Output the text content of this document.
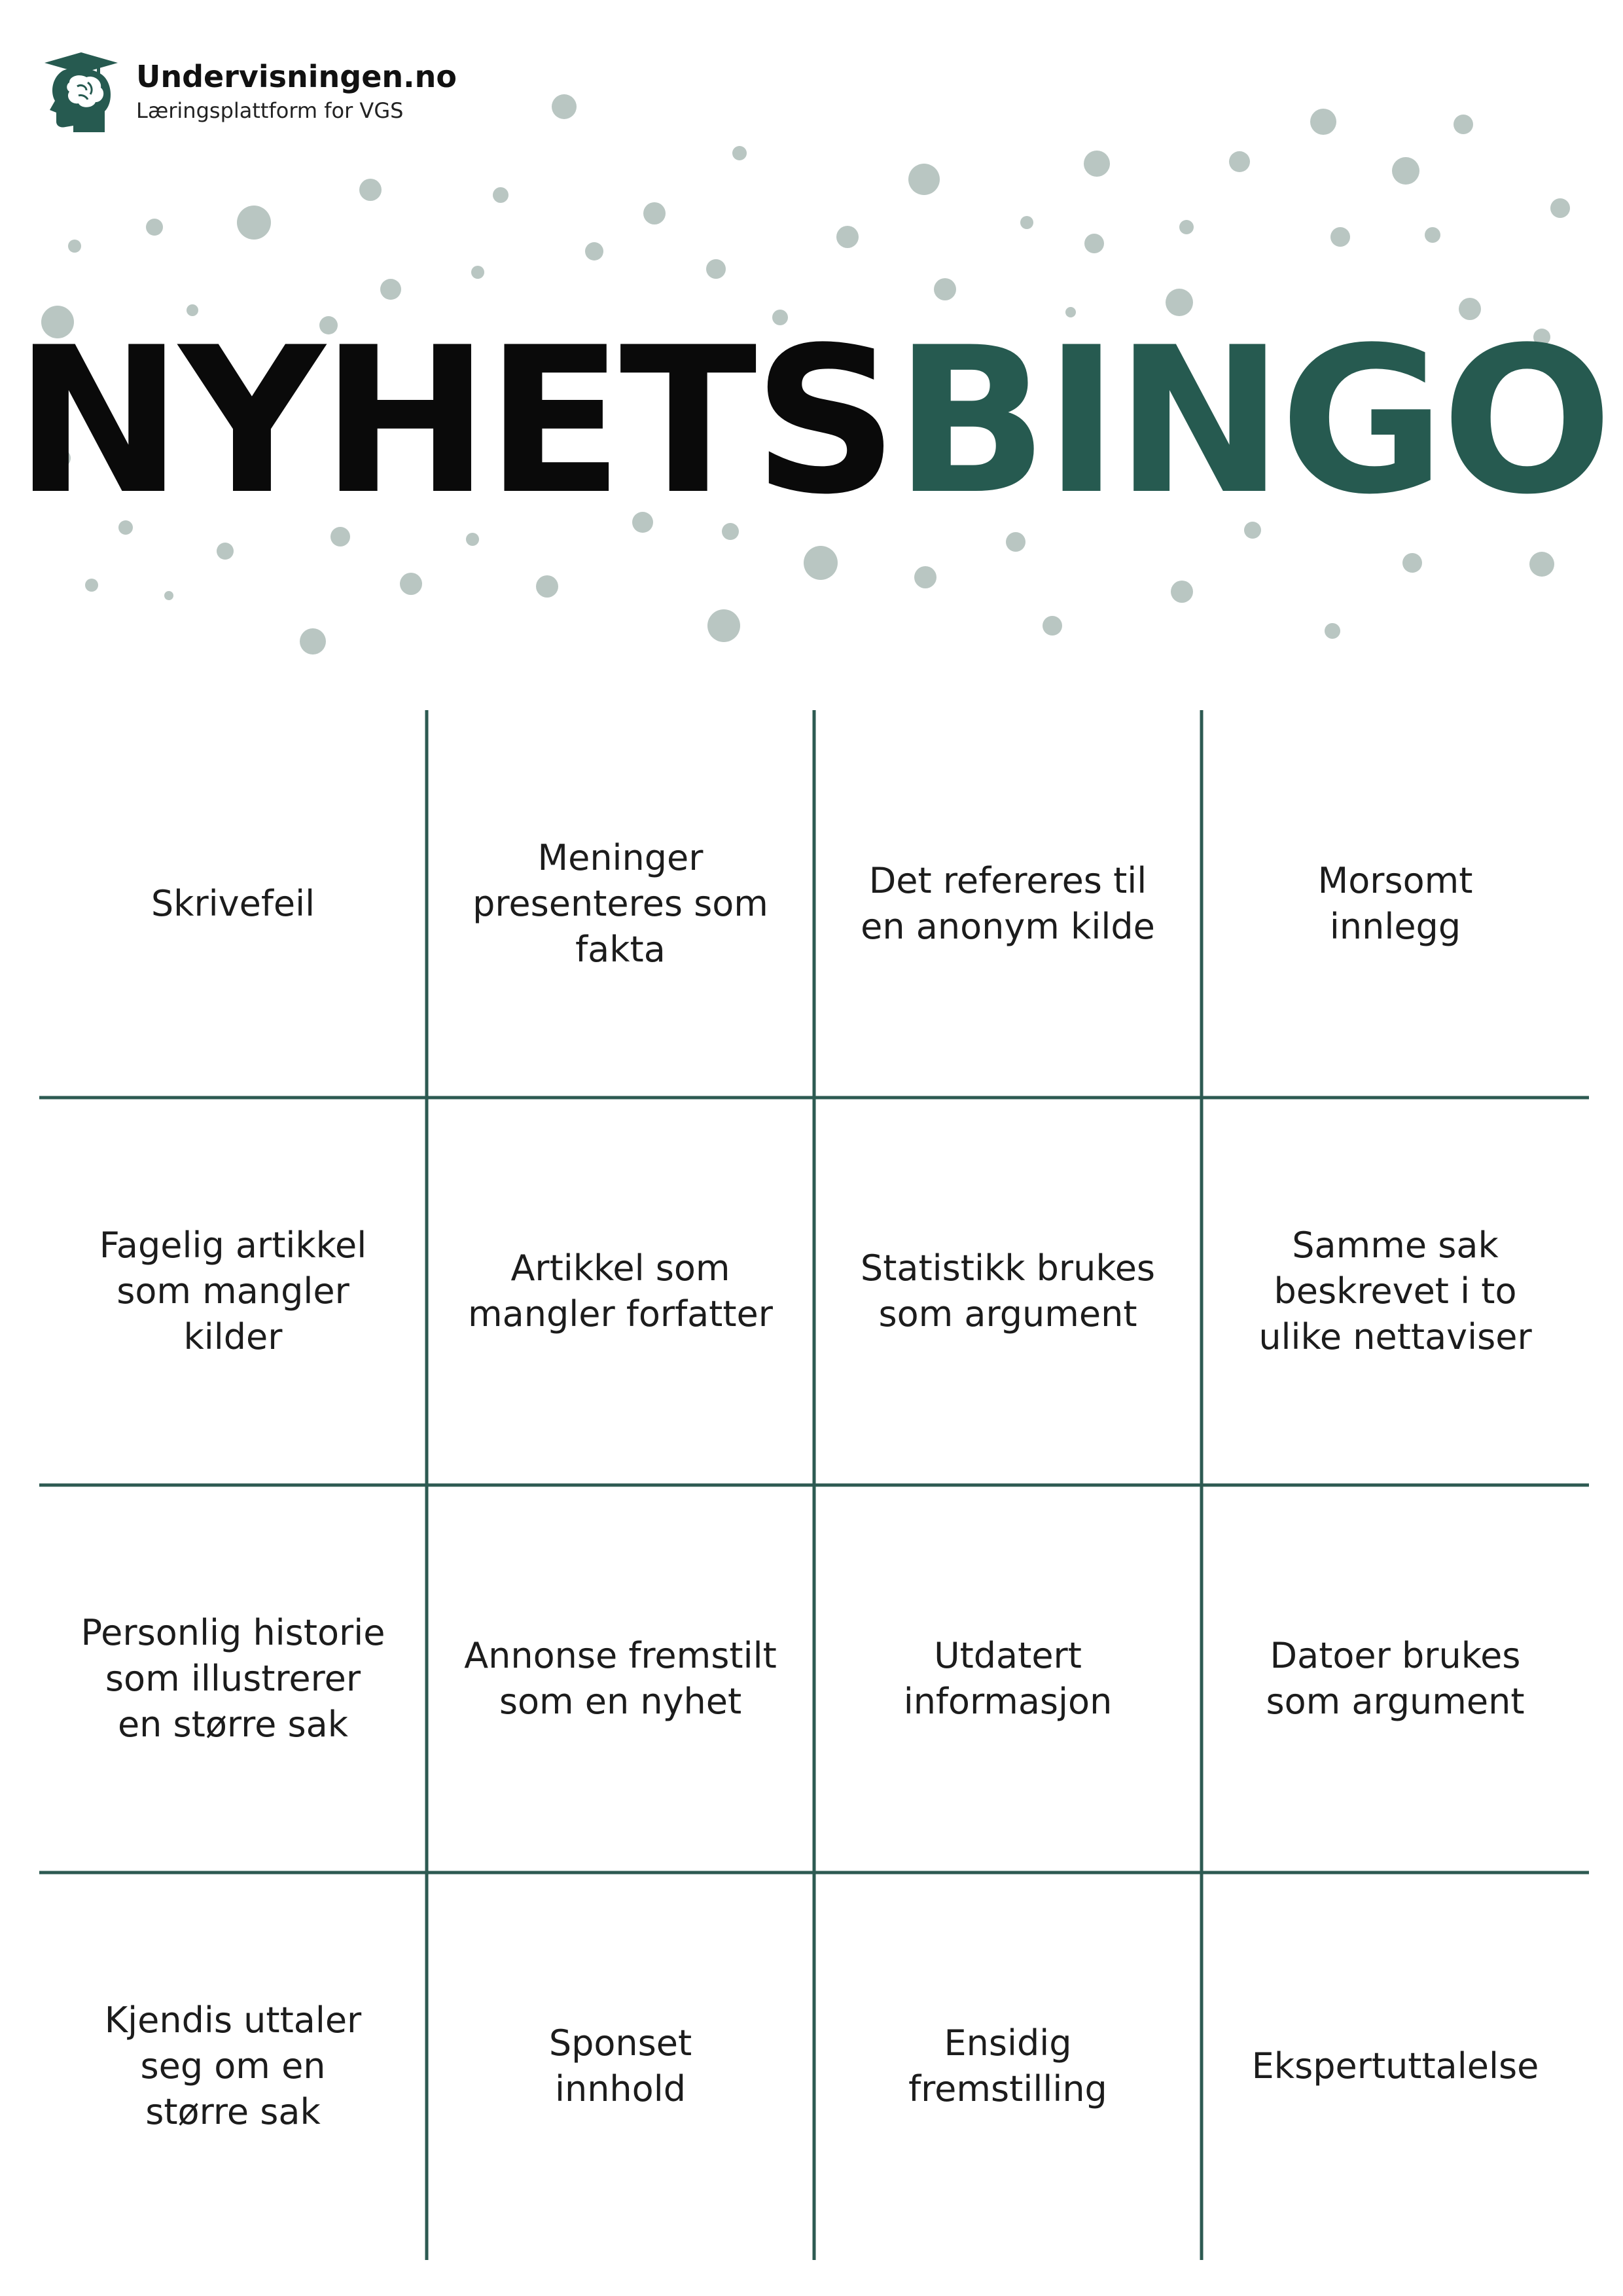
Undervisningen.no
Læringsplattform for VGS
NYHETSBINGO
Skrivefeil
Meninger
presenteres som
fakta
Det refereres til
en anonym kilde
Morsomt
innlegg
Fagelig artikkel
som mangler
kilder
Artikkel som
mangler forfatter
Statistikk brukes
som argument
Samme sak
beskrevet i to
ulike nettaviser
Personlig historie
som illustrerer
en større sak
Annonse fremstilt
som en nyhet
Utdatert
informasjon
Datoer brukes
som argument
Kjendis uttaler
seg om en
større sak
Sponset
innhold
Ensidig
fremstilling
Ekspertuttalelse
